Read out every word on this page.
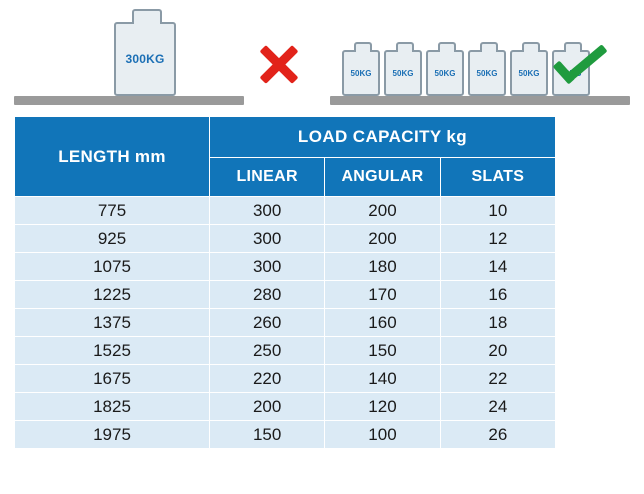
300KG
50KG	50KG	50KG	50KG	50KG
LENGTH mm	LOAD CAPACITY kg		
	LINEAR	ANGULAR	SLATS
775	300	200	10
925	300	200	12
1075	300	180	14
1225	280	170	16
1375	260	160	18
1525	250	150	20
1675	220	140	22
1825	200	120	24
1975	150	100	26
